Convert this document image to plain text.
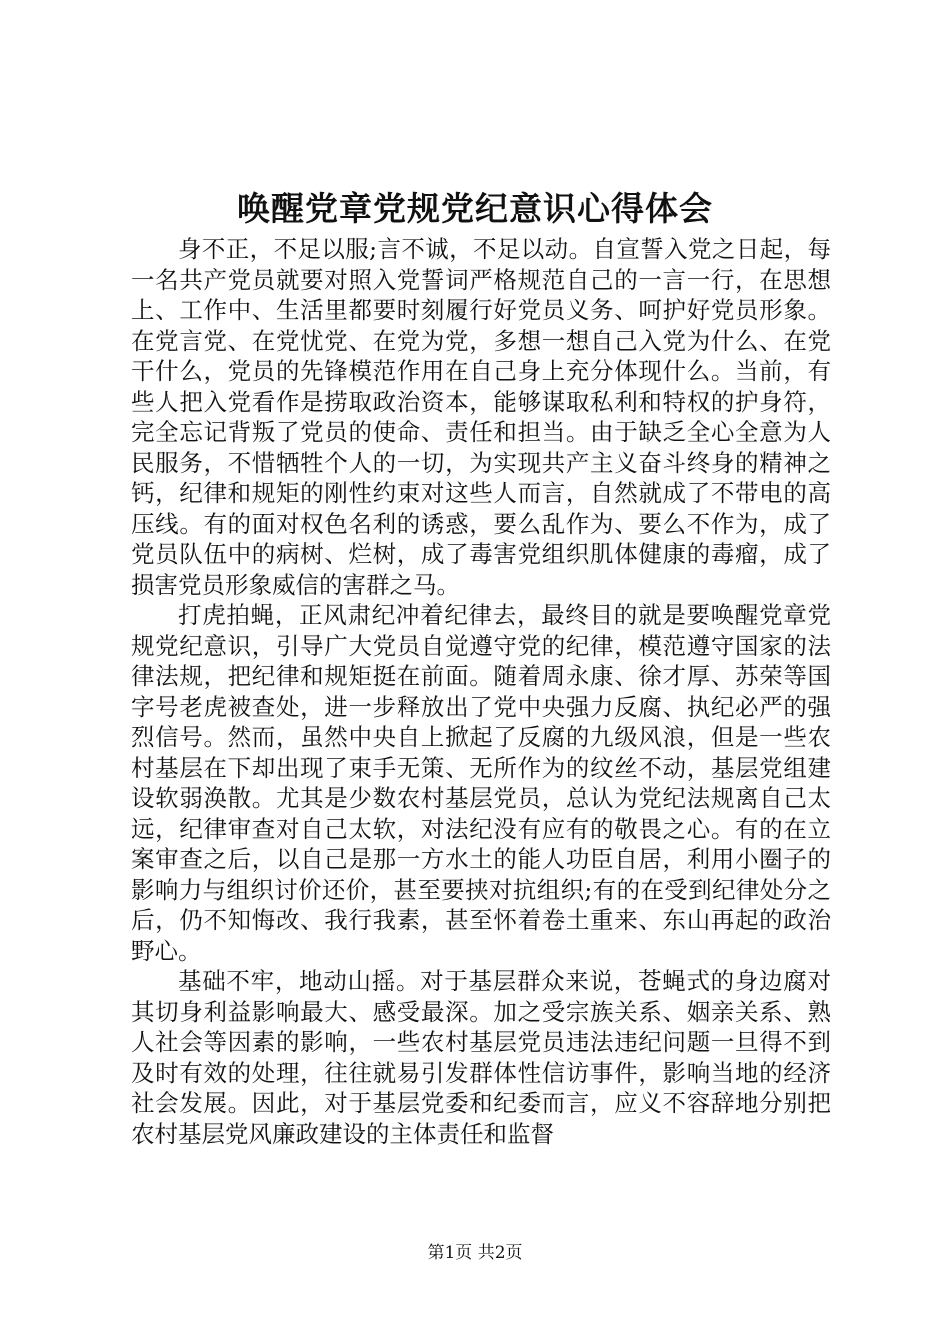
唤醒党章党规党纪意识心得体会

身不正，不足以服;言不诚，不足以动。自宣誓入党之日起，每一名共产党员就要对照入党誓词严格规范自己的一言一行，在思想上、工作中、生活里都要时刻履行好党员义务、呵护好党员形象。在党言党、在党忧党、在党为党，多想一想自己入党为什么、在党干什么，党员的先锋模范作用在自己身上充分体现什么。当前，有些人把入党看作是捞取政治资本，能够谋取私利和特权的护身符，完全忘记背叛了党员的使命、责任和担当。由于缺乏全心全意为人民服务，不惜牺牲个人的一切，为实现共产主义奋斗终身的精神之钙，纪律和规矩的刚性约束对这些人而言，自然就成了不带电的高压线。有的面对权色名利的诱惑，要么乱作为、要么不作为，成了党员队伍中的病树、烂树，成了毒害党组织肌体健康的毒瘤，成了损害党员形象威信的害群之马。

打虎拍蝇，正风肃纪冲着纪律去，最终目的就是要唤醒党章党规党纪意识，引导广大党员自觉遵守党的纪律，模范遵守国家的法律法规，把纪律和规矩挺在前面。随着周永康、徐才厚、苏荣等国字号老虎被查处，进一步释放出了党中央强力反腐、执纪必严的强烈信号。然而，虽然中央自上掀起了反腐的九级风浪，但是一些农村基层在下却出现了束手无策、无所作为的纹丝不动，基层党组建设软弱涣散。尤其是少数农村基层党员，总认为党纪法规离自己太远，纪律审查对自己太软，对法纪没有应有的敬畏之心。有的在立案审查之后，以自己是那一方水土的能人功臣自居，利用小圈子的影响力与组织讨价还价，甚至要挟对抗组织;有的在受到纪律处分之后，仍不知悔改、我行我素，甚至怀着卷土重来、东山再起的政治野心。

基础不牢，地动山摇。对于基层群众来说，苍蝇式的身边腐对其切身利益影响最大、感受最深。加之受宗族关系、姻亲关系、熟人社会等因素的影响，一些农村基层党员违法违纪问题一旦得不到及时有效的处理，往往就易引发群体性信访事件，影响当地的经济社会发展。因此，对于基层党委和纪委而言，应义不容辞地分别把农村基层党风廉政建设的主体责任和监督

第1页 共2页
